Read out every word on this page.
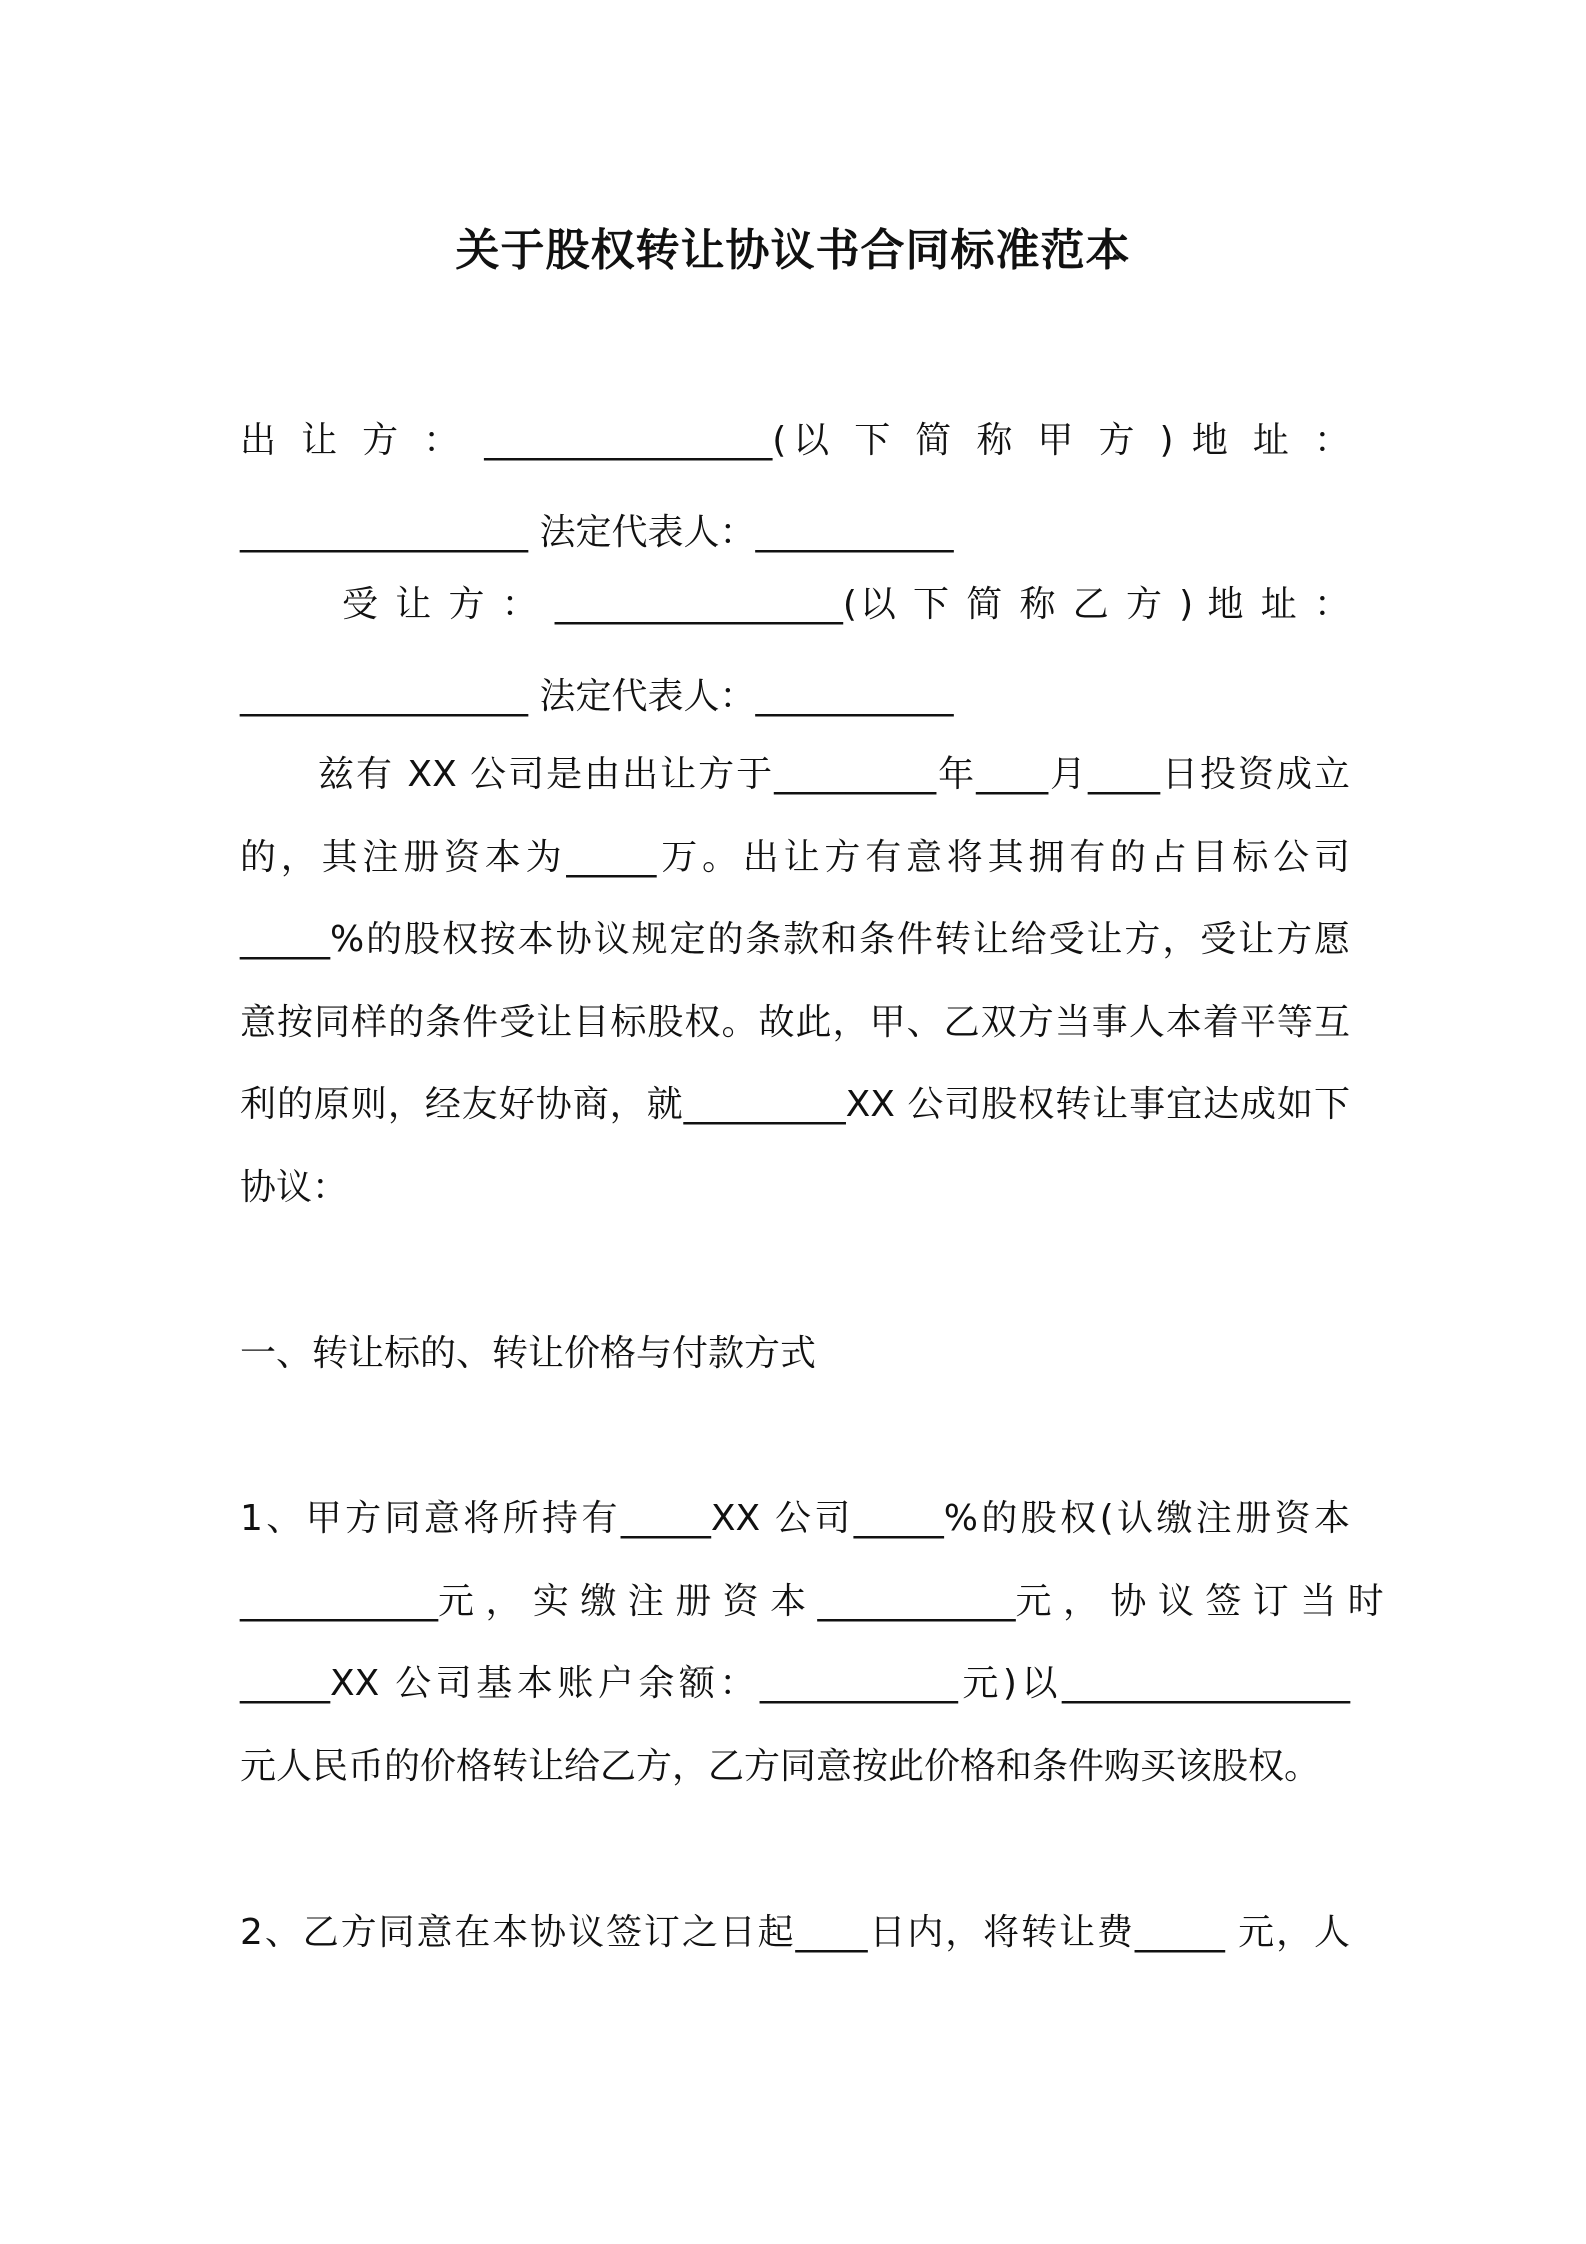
关于股权转让协议书合同标准范本
出 让 方 ： ________________(以 下 简 称 甲 方 ) 地 址 ：
________________ 法定代表人：___________
受 让 方 ： ________________(以 下 简 称 乙 方 ) 地 址 ：
________________ 法定代表人：___________
兹有 XX 公司是由出让方于_________年____月____日投资成立
的，其注册资本为_____万。出让方有意将其拥有的占目标公司
_____%的股权按本协议规定的条款和条件转让给受让方，受让方愿
意按同样的条件受让目标股权。故此，甲、乙双方当事人本着平等互
利的原则，经友好协商，就_________XX 公司股权转让事宜达成如下
协议：
一、转让标的、转让价格与付款方式
1、甲方同意将所持有_____XX 公司_____%的股权(认缴注册资本
___________元 ， 实 缴 注 册 资 本 ___________元 ， 协 议 签 订 当 时
_____XX 公司基本账户余额：___________元)以________________
元人民币的价格转让给乙方，乙方同意按此价格和条件购买该股权。
2、乙方同意在本协议签订之日起____日内，将转让费_____ 元，人
